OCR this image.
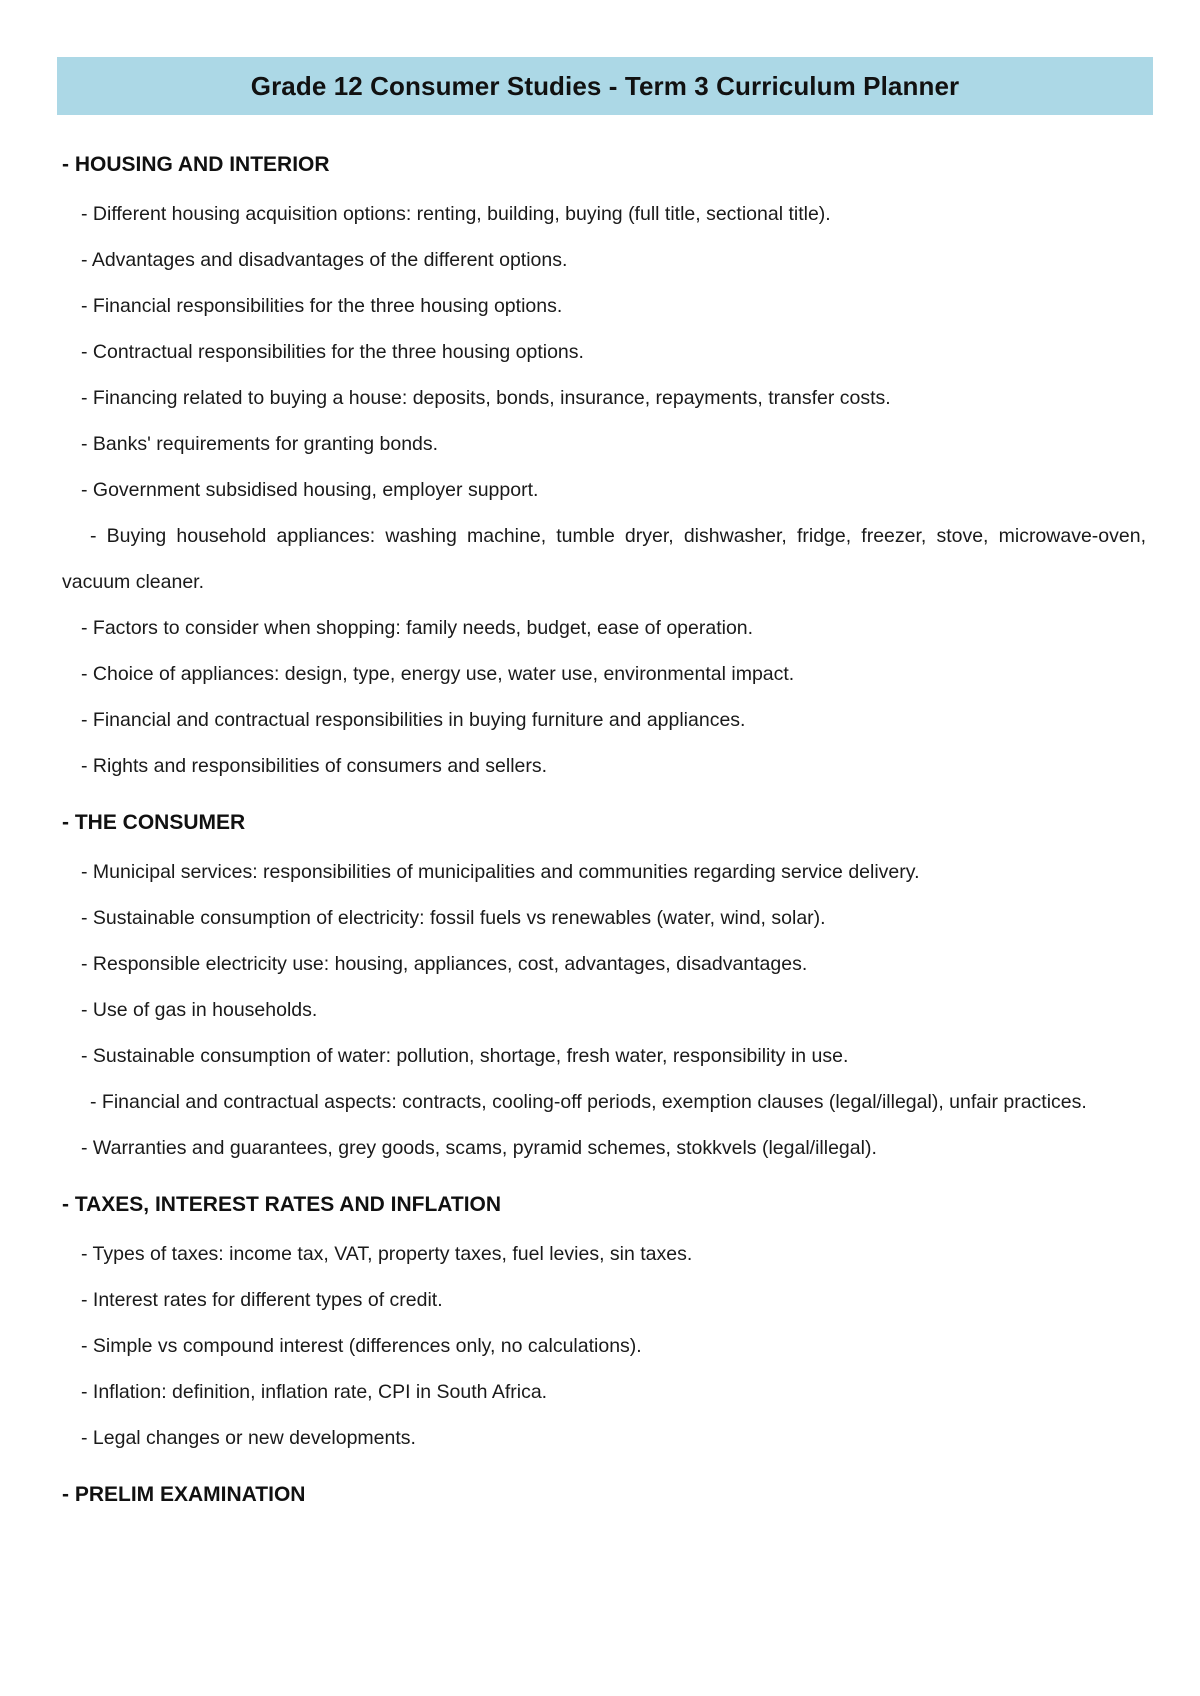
Grade 12 Consumer Studies - Term 3 Curriculum Planner
- HOUSING AND INTERIOR
- Different housing acquisition options: renting, building, buying (full title, sectional title).
- Advantages and disadvantages of the different options.
- Financial responsibilities for the three housing options.
- Contractual responsibilities for the three housing options.
- Financing related to buying a house: deposits, bonds, insurance, repayments, transfer costs.
- Banks' requirements for granting bonds.
- Government subsidised housing, employer support.
- Buying household appliances: washing machine, tumble dryer, dishwasher, fridge, freezer, stove, microwave-oven, vacuum cleaner.
- Factors to consider when shopping: family needs, budget, ease of operation.
- Choice of appliances: design, type, energy use, water use, environmental impact.
- Financial and contractual responsibilities in buying furniture and appliances.
- Rights and responsibilities of consumers and sellers.
- THE CONSUMER
- Municipal services: responsibilities of municipalities and communities regarding service delivery.
- Sustainable consumption of electricity: fossil fuels vs renewables (water, wind, solar).
- Responsible electricity use: housing, appliances, cost, advantages, disadvantages.
- Use of gas in households.
- Sustainable consumption of water: pollution, shortage, fresh water, responsibility in use.
- Financial and contractual aspects: contracts, cooling-off periods, exemption clauses (legal/illegal), unfair practices.
- Warranties and guarantees, grey goods, scams, pyramid schemes, stokkvels (legal/illegal).
- TAXES, INTEREST RATES AND INFLATION
- Types of taxes: income tax, VAT, property taxes, fuel levies, sin taxes.
- Interest rates for different types of credit.
- Simple vs compound interest (differences only, no calculations).
- Inflation: definition, inflation rate, CPI in South Africa.
- Legal changes or new developments.
- PRELIM EXAMINATION
